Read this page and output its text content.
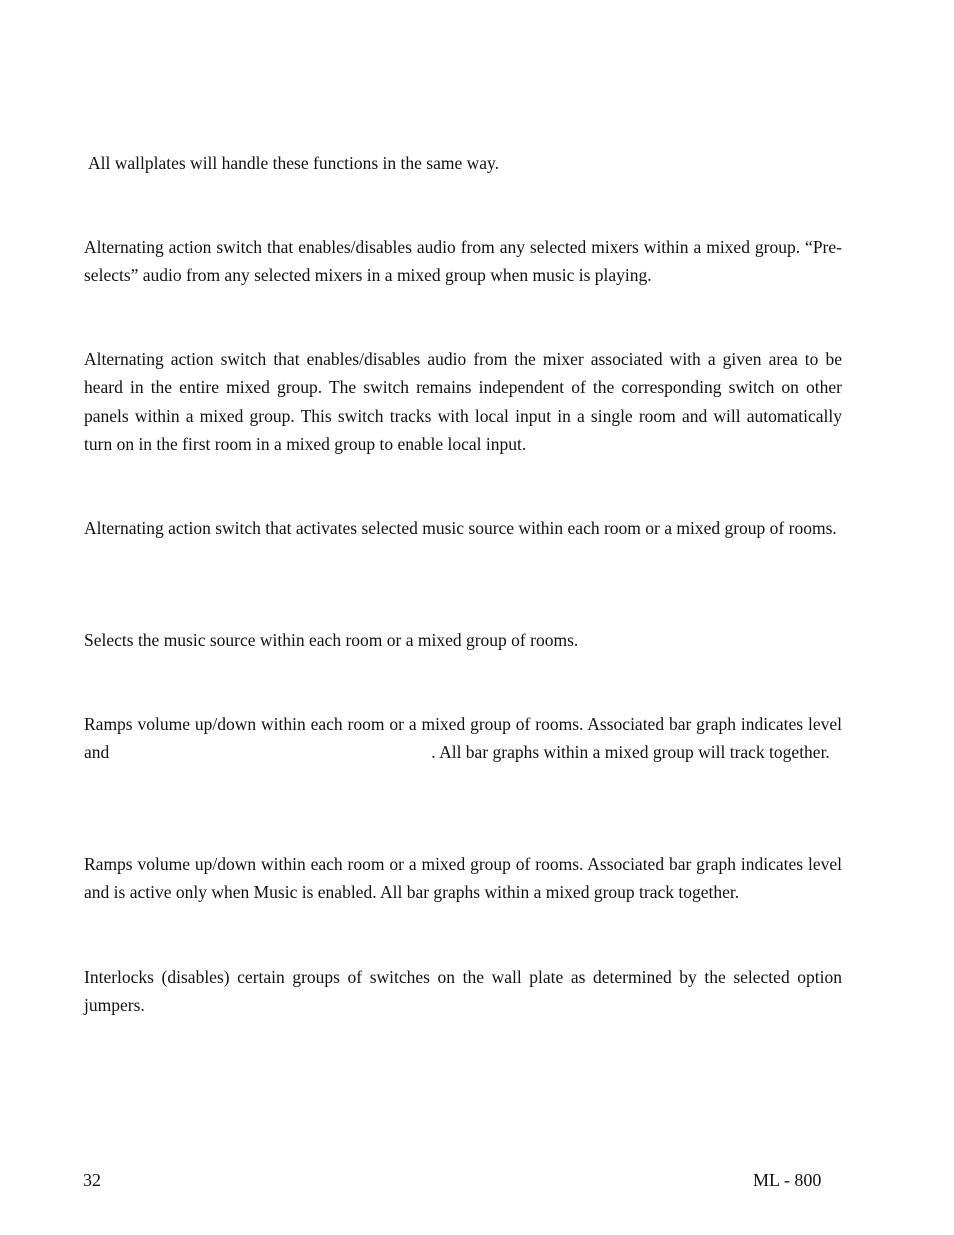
All wallplates will handle these functions in the same way.
Alternating action switch that enables/disables audio from any selected mixers within a mixed group. “Pre-selects” audio from any selected mixers in a mixed group when music is playing.
Alternating action switch that enables/disables audio from the mixer associated with a given area to be heard in the entire mixed group. The switch remains independent of the corresponding switch on other panels within a mixed group. This switch tracks with local input in a single room and will automatically turn on in the first room in a mixed group to enable local input.
Alternating action switch that activates selected music source within each room or a mixed group of rooms.
Selects the music source within each room or a mixed group of rooms.
Ramps volume up/down within each room or a mixed group of rooms. Associated bar graph indicates level and	. All bar graphs within a mixed group will track together.
Ramps volume up/down within each room or a mixed group of rooms. Associated bar graph indicates level and is active only when Music is enabled. All bar graphs within a mixed group track together.
Interlocks (disables) certain groups of switches on the wall plate as determined by the selected option jumpers.
32	ML - 800
